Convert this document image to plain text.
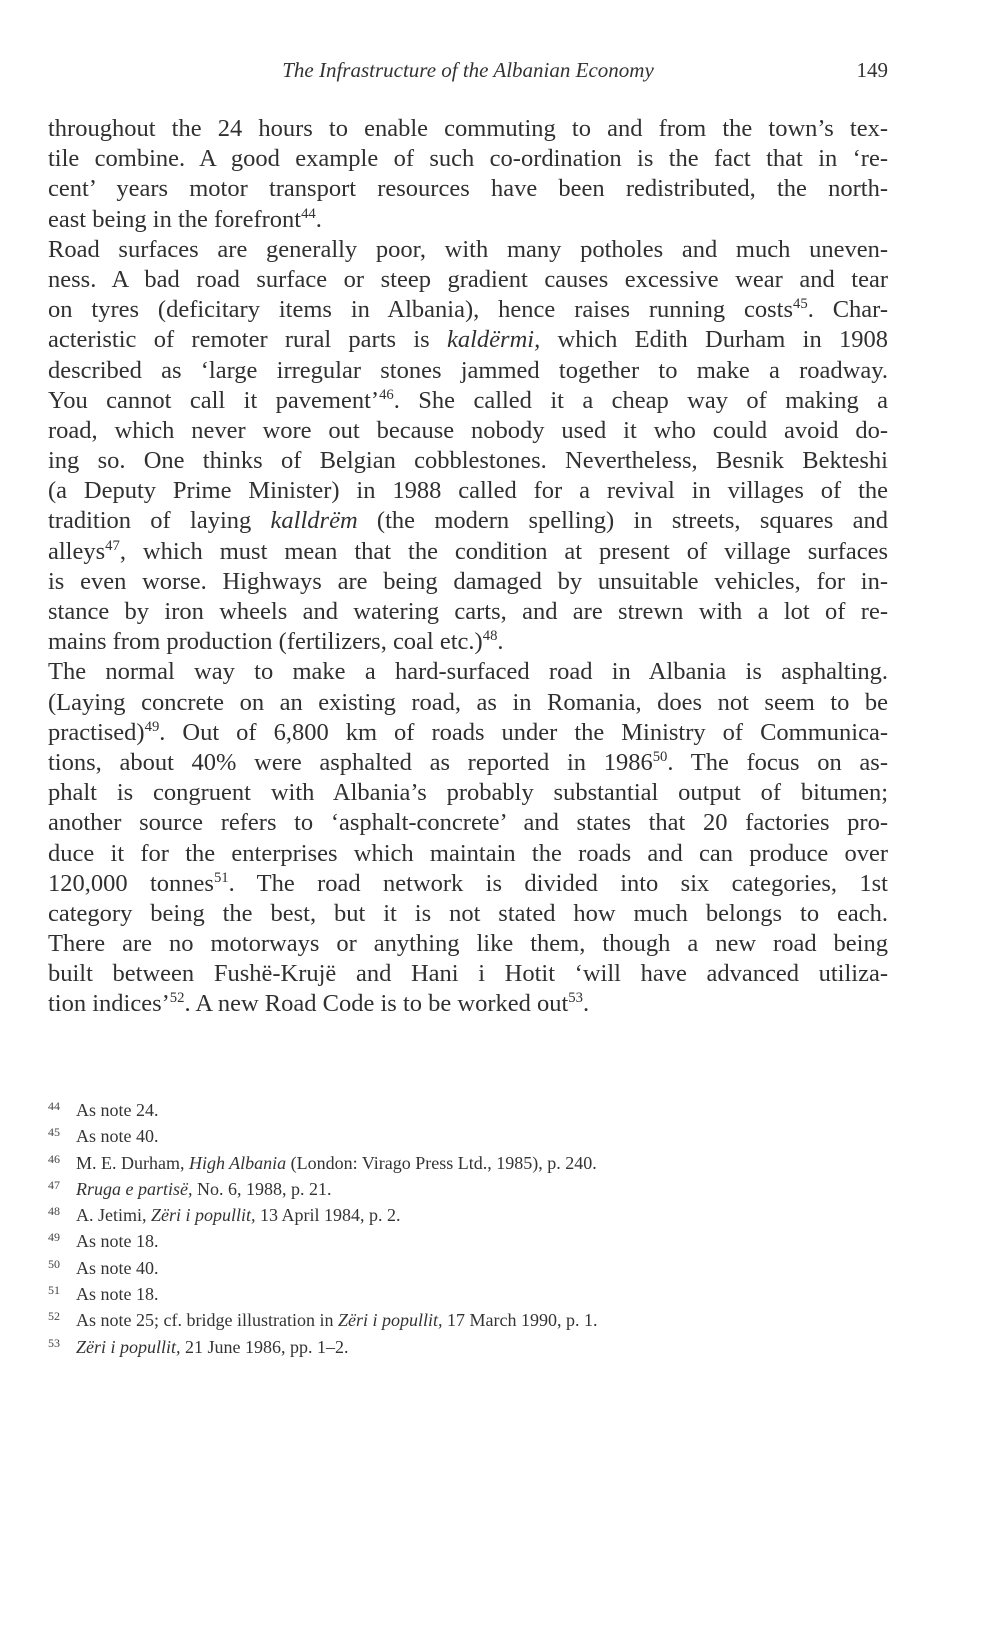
The Infrastructure of the Albanian Economy	149
throughout the 24 hours to enable commuting to and from the town’s tex-
tile combine. A good example of such co-ordination is the fact that in ‘re-
cent’ years motor transport resources have been redistributed, the north-
east being in the forefront$^{44}$.
Road surfaces are generally poor, with many potholes and much uneven-
ness. A bad road surface or steep gradient causes excessive wear and tear
on tyres (deficitary items in Albania), hence raises running costs$^{45}$. Char-
acteristic of remoter rural parts is kaldërmi, which Edith Durham in 1908
described as ‘large irregular stones jammed together to make a roadway.
You cannot call it pavement’$^{46}$. She called it a cheap way of making a
road, which never wore out because nobody used it who could avoid do-
ing so. One thinks of Belgian cobblestones. Nevertheless, Besnik Bekteshi
(a Deputy Prime Minister) in 1988 called for a revival in villages of the
tradition of laying kalldrëm (the modern spelling) in streets, squares and
alleys$^{47}$, which must mean that the condition at present of village surfaces
is even worse. Highways are being damaged by unsuitable vehicles, for in-
stance by iron wheels and watering carts, and are strewn with a lot of re-
mains from production (fertilizers, coal etc.)$^{48}$.
The normal way to make a hard-surfaced road in Albania is asphalting.
(Laying concrete on an existing road, as in Romania, does not seem to be
practised)$^{49}$. Out of 6,800 km of roads under the Ministry of Communica-
tions, about 40% were asphalted as reported in 1986$^{50}$. The focus on as-
phalt is congruent with Albania’s probably substantial output of bitumen;
another source refers to ‘asphalt-concrete’ and states that 20 factories pro-
duce it for the enterprises which maintain the roads and can produce over
120,000 tonnes$^{51}$. The road network is divided into six categories, 1st
category being the best, but it is not stated how much belongs to each.
There are no motorways or anything like them, though a new road being
built between Fushë-Krujë and Hani i Hotit ‘will have advanced utiliza-
tion indices’$^{52}$. A new Road Code is to be worked out$^{53}$.
44 As note 24.
45 As note 40.
46 M. E. Durham, High Albania (London: Virago Press Ltd., 1985), p. 240.
47 Rruga e partisë, No. 6, 1988, p. 21.
48 A. Jetimi, Zëri i popullit, 13 April 1984, p. 2.
49 As note 18.
50 As note 40.
51 As note 18.
52 As note 25; cf. bridge illustration in Zëri i popullit, 17 March 1990, p. 1.
53 Zëri i popullit, 21 June 1986, pp. 1–2.
